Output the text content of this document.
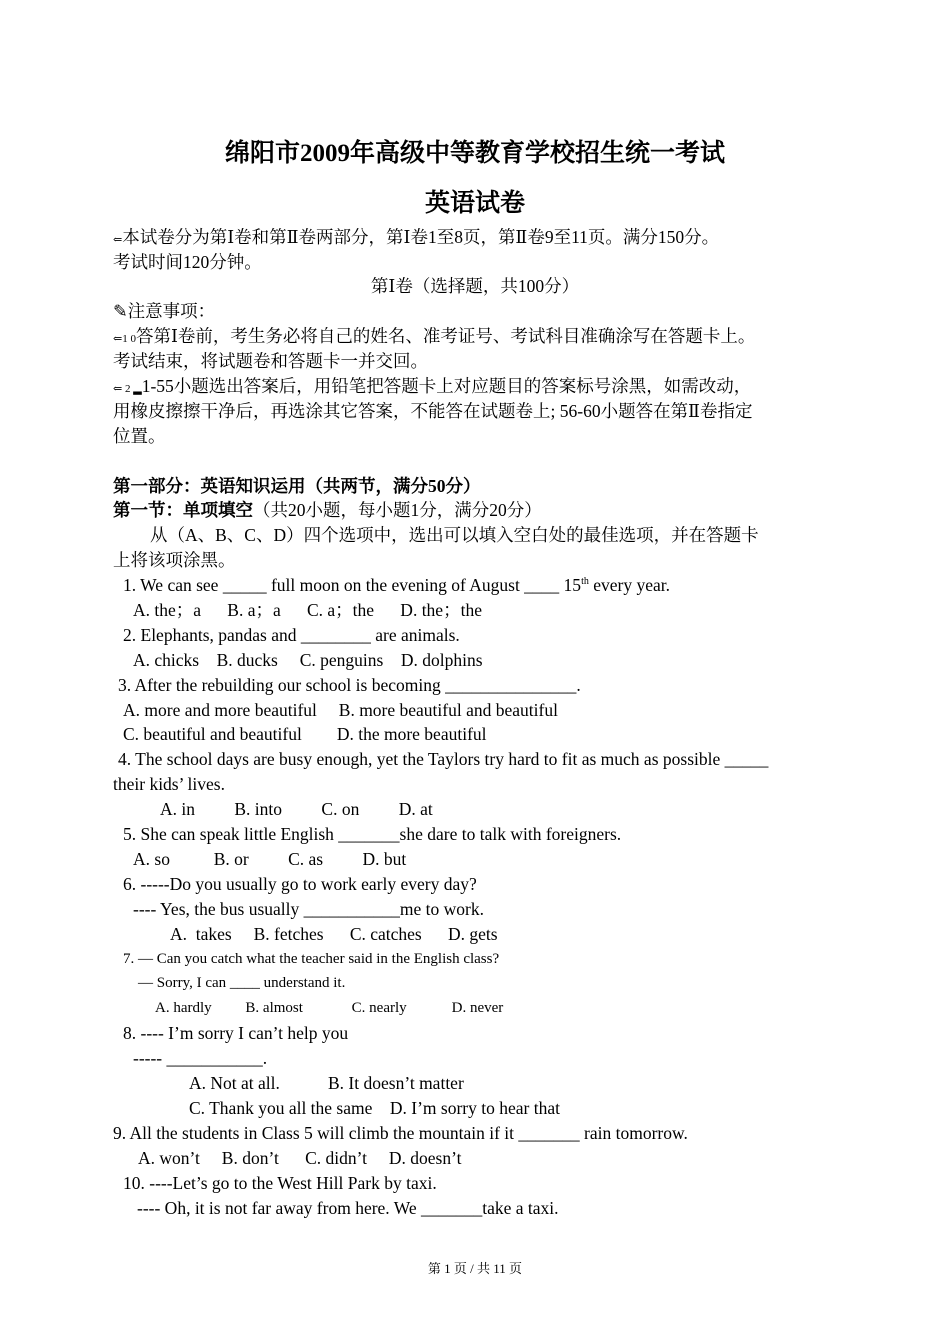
绵阳市2009年高级中等教育学校招生统一考试
英语试卷
⇐本试卷分为第Ⅰ卷和第Ⅱ卷两部分，第Ⅰ卷1至8页，第Ⅱ卷9至11页。满分150分。
考试时间120分钟。
第Ⅰ卷（选择题，共100分）
✎注意事项：
⇐1 0答第Ⅰ卷前，考生务必将自己的姓名、准考证号、考试科目准确涂写在答题卡上。
考试结束，将试题卷和答题卡一并交回。
⇐ 2 ▂1-55小题选出答案后，用铅笔把答题卡上对应题目的答案标号涂黑，如需改动，
用橡皮擦擦干净后，再选涂其它答案，不能答在试题卷上; 56-60小题答在第Ⅱ卷指定
位置。
第一部分：英语知识运用（共两节，满分50分）
第一节：单项填空（共20小题，每小题1分，满分20分）
从（A、B、C、D）四个选项中，选出可以填入空白处的最佳选项，并在答题卡
上将该项涂黑。
1. We can see _____ full moon on the evening of August ____ 15th every year.
A. the；a      B. a；a      C. a；the      D. the；the
2. Elephants, pandas and ________ are animals.
A. chicks    B. ducks     C. penguins    D. dolphins
3. After the rebuilding our school is becoming _______________.
A. more and more beautiful     B. more beautiful and beautiful
C. beautiful and beautiful        D. the more beautiful
4. The school days are busy enough, yet the Taylors try hard to fit as much as possible _____
their kids’ lives.
A. in         B. into         C. on         D. at
5. She can speak little English _______she dare to talk with foreigners.
A. so          B. or         C. as         D. but
6. -----Do you usually go to work early every day?
---- Yes, the bus usually ___________me to work.
A.  takes     B. fetches      C. catches      D. gets
7. — Can you catch what the teacher said in the English class?
— Sorry, I can ____ understand it.
A. hardly         B. almost             C. nearly            D. never
8. ---- I’m sorry I can’t help you
----- ___________.
A. Not at all.           B. It doesn’t matter
C. Thank you all the same    D. I’m sorry to hear that
9. All the students in Class 5 will climb the mountain if it _______ rain tomorrow.
A. won’t     B. don’t      C. didn’t     D. doesn’t
10. ----Let’s go to the West Hill Park by taxi.
---- Oh, it is not far away from here. We _______take a taxi.
第 1 页 / 共 11 页
